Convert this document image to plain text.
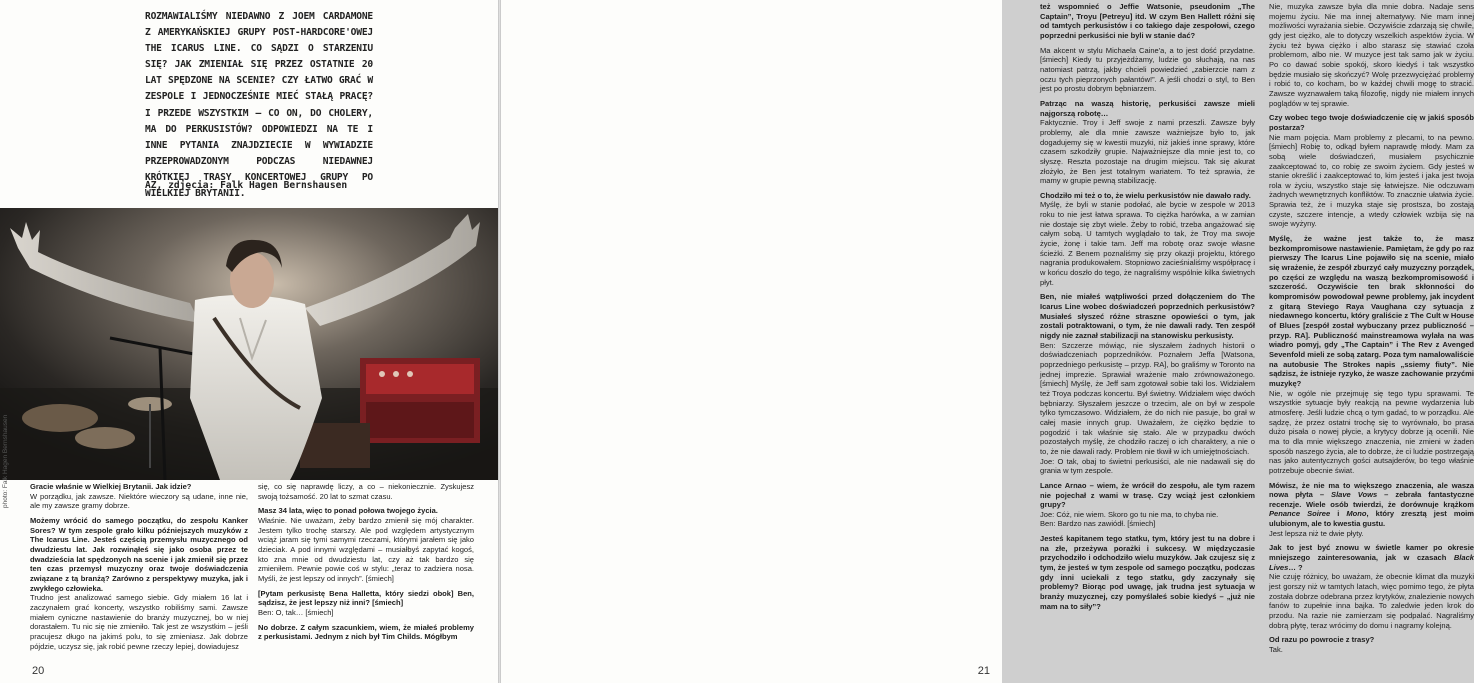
ROZMAWIALIŚMY NIEDAWNO Z JOEM CARDAMONE Z AMERYKAŃSKIEJ GRUPY POST-HARDCORE'OWEJ THE ICARUS LINE. CO SĄDZI O STARZENIU SIĘ? JAK ZMIENIAŁ SIĘ PRZEZ OSTATNIE 20 LAT SPĘDZONE NA SCENIE? CZY ŁATWO GRAĆ W ZESPOLE I JEDNOCZEŚNIE MIEĆ STAŁĄ PRACĘ? I PRZEDE WSZYSTKIM – CO ON, DO CHOLERY, MA DO PERKUSISTÓW? ODPOWIEDZI NA TE I INNE PYTANIA ZNAJDZIECIE W WYWIADZIE PRZEPROWADZONYM PODCZAS NIEDAWNEJ KRÓTKIEJ TRASY KONCERTOWEJ GRUPY PO WIELKIEJ BRYTANII.
AZ, zdjęcia: Falk Hagen Bernshausen
photo: Falk Hagen Bernshausen	Gracie właśnie w Wielkiej Brytanii. Jak idzie?

W porządku, jak zawsze. Niektóre wieczory są udane, inne nie, ale my zawsze gramy dobrze.

Możemy wrócić do samego początku, do zespołu Kanker Sores? W tym zespole grało kilku późniejszych muzyków z The Icarus Line. Jesteś częścią przemysłu muzycznego od dwudziestu lat. Jak rozwinąłeś się jako osoba przez te dwadzieścia lat spędzonych na scenie i jak zmienił się przez ten czas przemysł muzyczny oraz twoje doświadczenia związane z tą branżą? Zarówno z perspektywy muzyka, jak i zwykłego człowieka.

Trudno jest analizować samego siebie. Gdy miałem 16 lat i zaczynałem grać koncerty, wszystko robiliśmy sami. Zawsze miałem cyniczne nastawienie do branży muzycznej, bo w niej dorastałem. Tu nic się nie zmieniło. Tak jest ze wszystkim – jeśli pracujesz długo na jakimś polu, to się zmieniasz. Jak dobrze pójdzie, uczysz się, jak robić pewne rzeczy lepiej, dowiadujesz

się, co się naprawdę liczy, a co – niekoniecznie. Zyskujesz swoją tożsamość. 20 lat to szmat czasu.

Masz 34 lata, więc to ponad połowa twojego życia.

Właśnie. Nie uważam, żeby bardzo zmienił się mój charakter. Jestem tylko trochę starszy. Ale pod względem artystycznym wciąż jaram się tymi samymi rzeczami, którymi jarałem się jako dzieciak. A pod innymi względami – musiałbyś zapytać kogoś, kto zna mnie od dwudziestu lat, czy aż tak bardzo się zmieniłem. Pewnie powie coś w stylu: „teraz to zadziera nosa. Myśli, że jest lepszy od innych”. [śmiech]

[Pytam perkusistę Bena Halletta, który siedzi obok] Ben, sądzisz, że jest lepszy niż inni? [śmiech]

Ben: O, tak… [śmiech]

No dobrze. Z całym szacunkiem, wiem, że miałeś problemy z perkusistami. Jednym z nich był Tim Childs. Mógłbym
20

też wspomnieć o Jeffie Watsonie, pseudonim „The Captain”, Troyu [Petreyu] itd. W czym Ben Hallett różni się od tamtych perkusistów i co takiego daje zespołowi, czego poprzedni perkusiści nie byli w stanie dać?

Ma akcent w stylu Michaela Caine'a, a to jest dość przydatne. [śmiech] Kiedy tu przyjeżdżamy, ludzie go słuchają, na nas natomiast patrzą, jakby chcieli powiedzieć „zabierzcie nam z oczu tych pieprzonych pałantów!”. A jeśli chodzi o styl, to Ben jest po prostu dobrym bębniarzem.

Patrząc na waszą historię, perkusiści zawsze mieli najgorszą robotę…

Faktycznie. Troy i Jeff swoje z nami przeszli. Zawsze były problemy, ale dla mnie zawsze ważniejsze było to, jak dogadujemy się w kwestii muzyki, niż jakieś inne sprawy, które czasem szkodziły grupie. Najważniejsze dla mnie jest to, co słyszę. Reszta pozostaje na drugim miejscu. Tak się akurat złożyło, że Ben jest totalnym wariatem. To też sprawia, że mamy w grupie pewną stabilizację.

Chodziło mi też o to, że wielu perkusistów nie dawało rady.

Myślę, że byli w stanie podołać, ale bycie w zespole w 2013 roku to nie jest łatwa sprawa. To ciężka harówka, a w zamian nie dostaje się zbyt wiele. Żeby to robić, trzeba angażować się całym sobą. U tamtych wyglądało to tak, że Troy ma swoje życie, żonę i takie tam. Jeff ma robotę oraz swoje własne ścieżki. Z Benem poznaliśmy się przy okazji projektu, którego nagrania produkowałem. Stopniowo zacieśnialiśmy współpracę i w końcu doszło do tego, że nagraliśmy wspólnie kilka świetnych płyt.

Ben, nie miałeś wątpliwości przed dołączeniem do The Icarus Line wobec doświadczeń poprzednich perkusistów? Musiałeś słyszeć różne straszne opowieści o tym, jak zostali potraktowani, o tym, że nie dawali rady. Ten zespół nigdy nie zaznał stabilizacji na stanowisku perkusisty.
Ben: Szczerze mówiąc, nie słyszałem żadnych historii o doświadczeniach poprzedników. Poznałem Jeffa [Watsona, poprzedniego perkusistę – przyp. RA], bo graliśmy w Toronto na jednej imprezie. Sprawiał wrażenie mało zrównoważonego. [śmiech] Myślę, że Jeff sam zgotował sobie taki los. Widziałem też Troya podczas koncertu. Był świetny. Widziałem więc dwóch bębniarzy. Słyszałem jeszcze o trzecim, ale on był w zespole tylko tymczasowo. Widziałem, że do nich nie pasuje, bo grał w całej masie innych grup. Uważałem, że ciężko będzie to pogodzić i tak właśnie się stało. Ale w przypadku dwóch pozostałych myślę, że chodziło raczej o ich charaktery, a nie o to, że nie dawali rady. Problem nie tkwił w ich umiejętnościach.

Joe: O tak, obaj to świetni perkusiści, ale nie nadawali się do grania w tym zespole.

Lance Arnao – wiem, że wrócił do zespołu, ale tym razem nie pojechał z wami w trasę. Czy wciąż jest członkiem grupy?
Joe: Cóż, nie wiem. Skoro go tu nie ma, to chyba nie.

Ben: Bardzo nas zawiódł. [śmiech]

Jesteś kapitanem tego statku, tym, który jest tu na dobre i na złe, przeżywa porażki i sukcesy. W międzyczasie przychodziło i odchodziło wielu muzyków. Jak czujesz się z tym, że jesteś w tym zespole od samego początku, podczas gdy inni uciekali z tego statku, gdy zaczynały się problemy? Biorąc pod uwagę, jak trudna jest sytuacja w branży muzycznej, czy pomyślałeś sobie kiedyś – „już nie mam na to siły”?

Nie, muzyka zawsze była dla mnie dobra. Nadaje sens mojemu życiu. Nie ma innej alternatywy. Nie mam innej możliwości wyrażania siebie. Oczywiście zdarzają się chwile, gdy jest ciężko, ale to dotyczy wszelkich aspektów życia. W życiu też bywa ciężko i albo starasz się stawiać czoła problemom, albo nie. W muzyce jest tak samo jak w życiu. Po co dawać sobie spokój, skoro kiedyś i tak wszystko będzie musiało się skończyć? Wolę przezwyciężać problemy i robić to, co kocham, bo w każdej chwili mogę to stracić. Zawsze wyznawałem taką filozofię, nigdy nie miałem innych poglądów w tej sprawie.

Czy wobec tego twoje doświadczenie cię w jakiś sposób postarza?

Nie mam pojęcia. Mam problemy z plecami, to na pewno. [śmiech] Robię to, odkąd byłem naprawdę młody. Mam za sobą wiele doświadczeń, musiałem psychicznie zaakceptować to, co robię ze swoim życiem. Gdy jesteś w stanie określić i zaakceptować to, kim jesteś i jaka jest twoja rola w życiu, wszystko staje się łatwiejsze. Nie odczuwam żadnych wewnętrznych konfliktów. To znacznie ułatwia życie. Sprawia też, że i muzyka staje się prostsza, bo zostają czyste, szczere intencje, a wtedy człowiek wzbija się na swoje wyżyny.

Myślę, że ważne jest także to, że masz bezkompromisowe nastawienie. Pamiętam, że gdy po raz pierwszy The Icarus Line pojawiło się na scenie, miało się wrażenie, że zespół zburzyć cały muzyczny porządek, po części ze względu na waszą bezkompromisowość i szczerość. Oczywiście ten brak skłonności do kompromisów powodował pewne problemy, jak incydent z gitarą Steviego Raya Vaughana czy sytuacja z niedawnego koncertu, który graliście z The Cult w House of Blues [zespół został wybuczany przez publiczność – przyp. RA]. Publiczność mainstreamowa wylała na was wiadro pomyj, gdy „The Captain” i The Rev z Avenged Sevenfold mieli ze sobą zatarg. Poza tym namalowaliście na autobusie The Strokes napis „ssiemy fiuty”. Nie sądzisz, że istnieje ryzyko, że wasze zachowanie przyćmi muzykę?

Nie, w ogóle nie przejmuję się tego typu sprawami. Te wszystkie sytuacje były reakcją na pewne wydarzenia lub atmosferę. Jeśli ludzie chcą o tym gadać, to w porządku. Ale sądzę, że przez ostatni trochę się to wyrównało, bo prasa dużo pisała o nowej płycie, a krytycy dobrze ją ocenili. Nie ma to dla mnie większego znaczenia, nie zmieni w żaden sposób naszego życia, ale to dobrze, że ci ludzie postrzegają nas jako autentycznych gości autsajderów, bo tego właśnie potrzebuje obecnie świat.

Mówisz, że nie ma to większego znaczenia, ale wasza nowa płyta – Slave Vows – zebrała fantastyczne recenzje. Wiele osób twierdzi, że dorównuje krążkom Penance Soiree i Mono, który zresztą jest moim ulubionym, ale to kwestia gustu.

Jest lepsza niż te dwie płyty.

Jak to jest być znowu w świetle kamer po okresie mniejszego zainteresowania, jak w czasach Black Lives… ?

Nie czuję różnicy, bo uważam, że obecnie klimat dla muzyki jest gorszy niż w tamtych latach, więc pomimo tego, że płyta została dobrze odebrana przez krytyków, znalezienie nowych fanów to zupełnie inna bajka. To zaledwie jeden krok do przodu. Na razie nie zamierzam się podpalać. Nagraliśmy dobrą płytę, teraz wrócimy do domu i nagramy kolejną.

Od razu po powrocie z trasy?

Tak.

21
